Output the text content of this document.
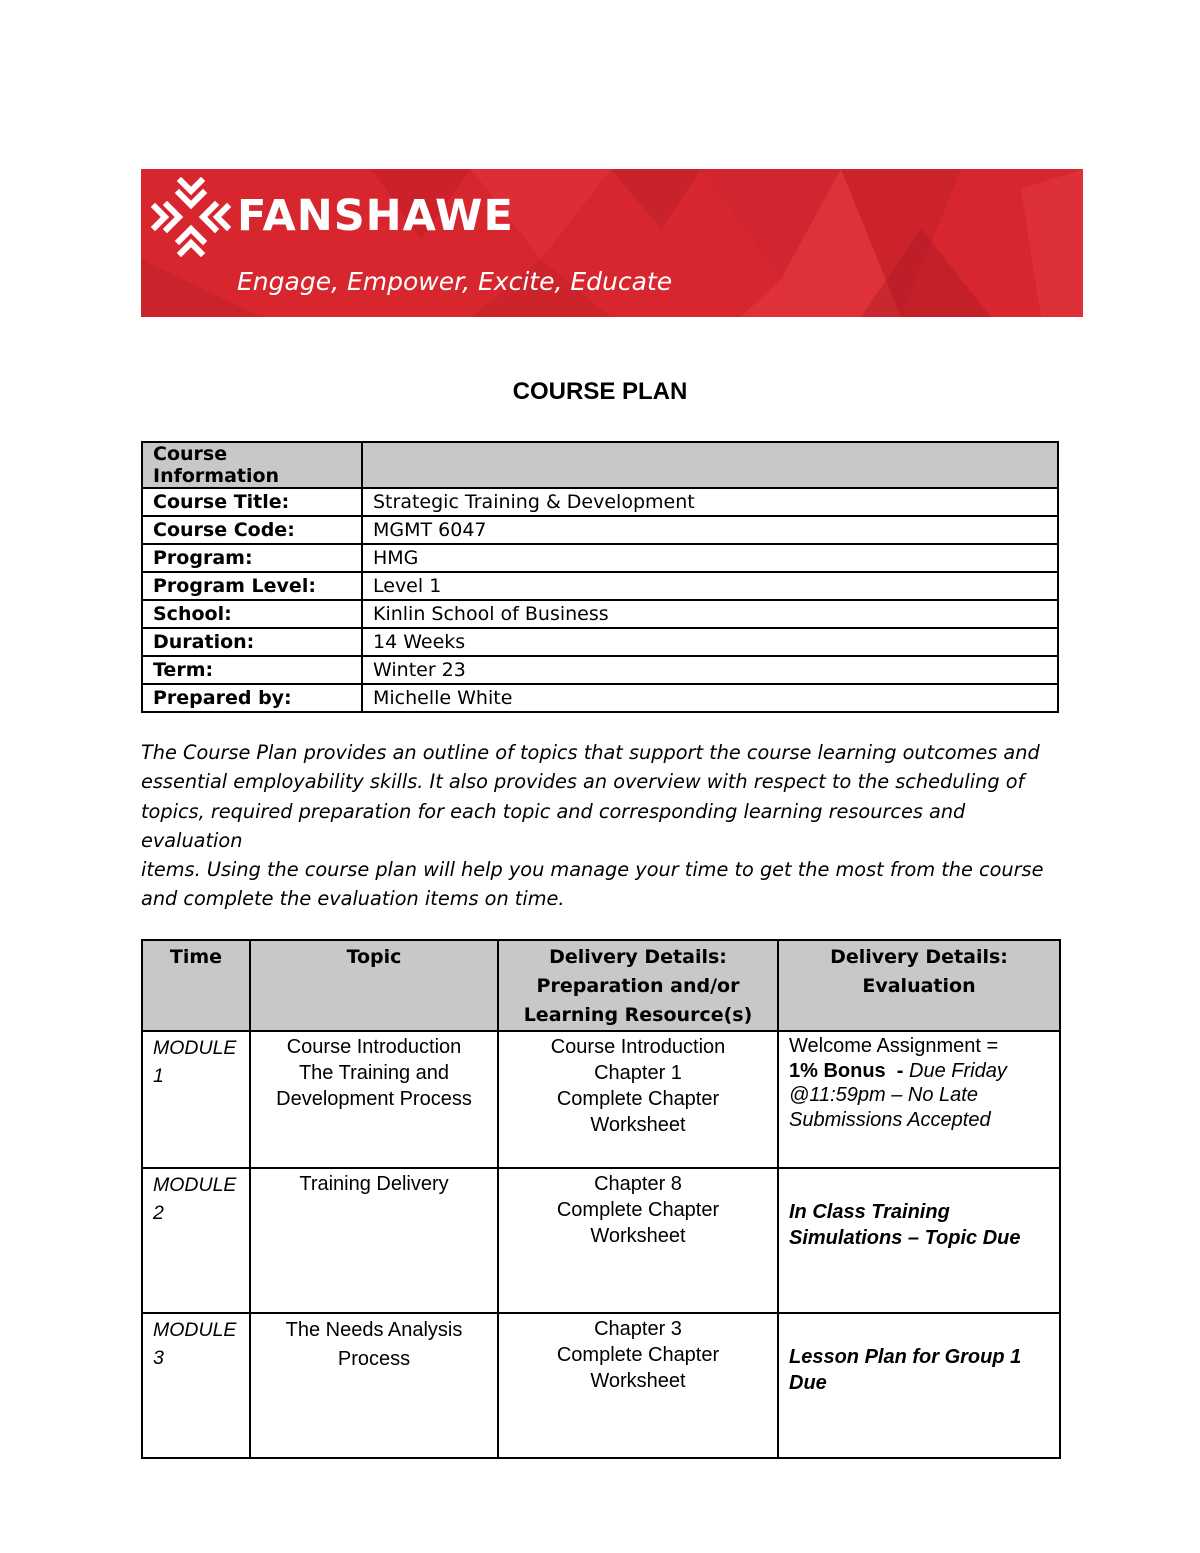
FANSHAWE
Engage, Empower, Excite, Educate
COURSE PLAN
Course Information	
Course Title:	Strategic Training & Development
Course Code:	MGMT 6047
Program:	HMG
Program Level:	Level 1
School:	Kinlin School of Business
Duration:	14 Weeks
Term:	Winter 23
Prepared by:	Michelle White

The Course Plan provides an outline of topics that support the course learning outcomes and

essential employability skills. It also provides an overview with respect to the scheduling of

topics, required preparation for each topic and corresponding learning resources and evaluation

items. Using the course plan will help you manage your time to get the most from the course

and complete the evaluation items on time.

Time	Topic	Delivery Details:
Preparation and/or
Learning Resource(s)	Delivery Details:
Evaluation

MODULE
1	Course Introduction
The Training and
Development Process	Course Introduction
Chapter 1
Complete Chapter
Worksheet	Welcome Assignment =
1% Bonus  - Due Friday
@11:59pm – No Late
Submissions Accepted

MODULE
2	Training Delivery	Chapter 8
Complete Chapter
Worksheet	In Class Training
Simulations – Topic Due

MODULE
3	The Needs Analysis
Process	Chapter 3
Complete Chapter
Worksheet	Lesson Plan for Group 1
Due
